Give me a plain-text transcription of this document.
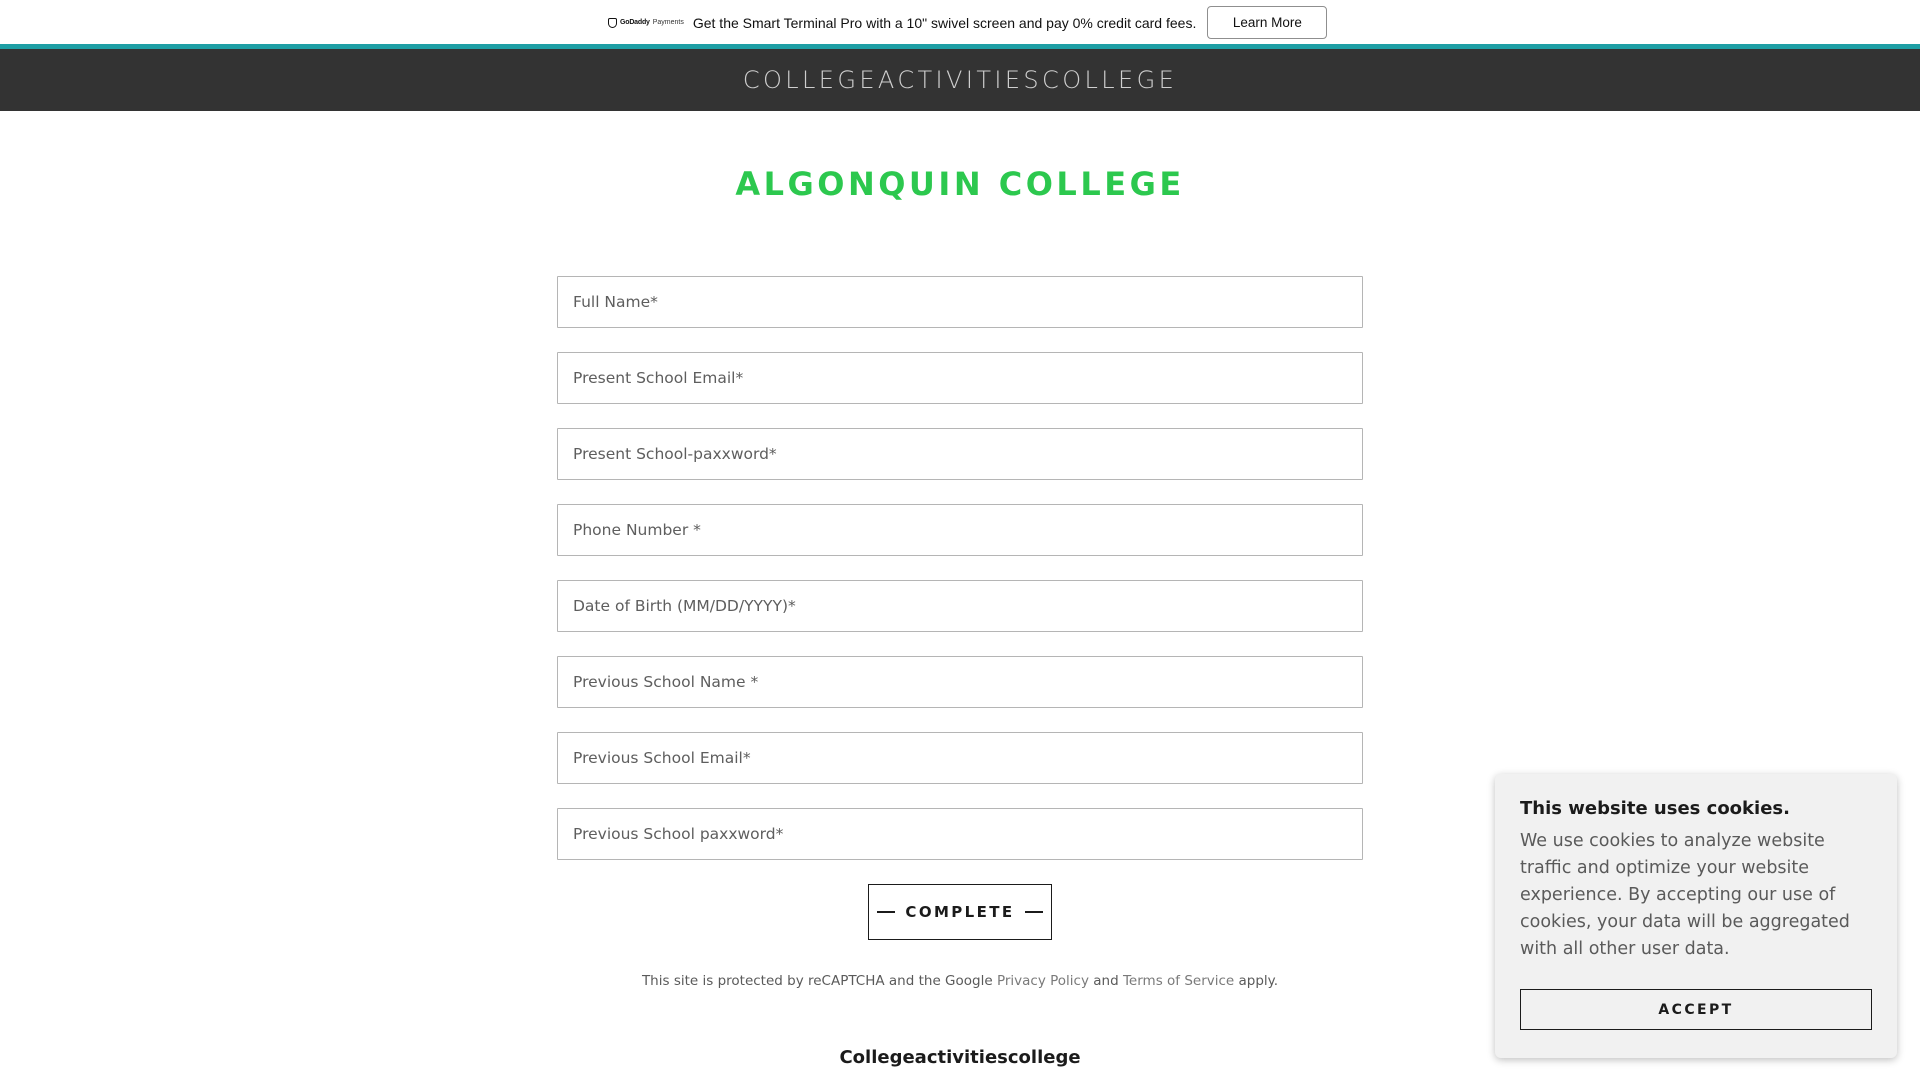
GoDaddy Payments Get the Smart Terminal Pro with a 10" swivel screen and pay 0% credit card fees.	Learn More
COLLEGEACTIVITIESCOLLEGE
ALGONQUIN COLLEGE
Full Name*
Present School Email*
Present School-paxxword*
Phone Number *
Date of Birth (MM/DD/YYYY)*
Previous School Name *
Previous School Email*
Previous School paxxword*
COMPLETE

This site is protected by reCAPTCHA and the Google Privacy Policy and Terms of Service apply.

Collegeactivitiescollege
This website uses cookies.
We use cookies to analyze website traffic and optimize your website experience. By accepting our use of cookies, your data will be aggregated with all other user data.
ACCEPT
